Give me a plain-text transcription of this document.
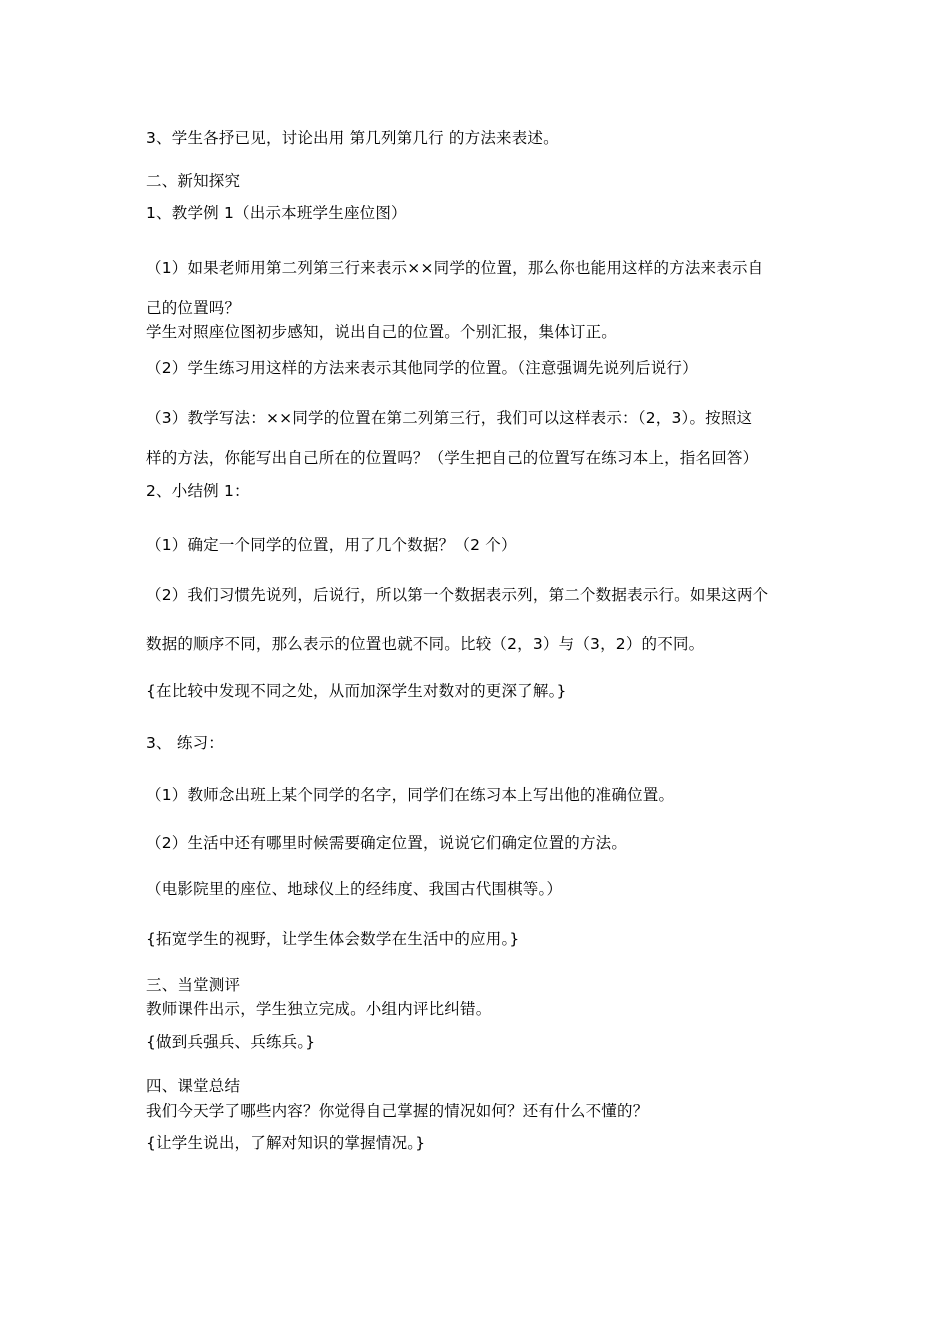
3、学生各抒已见，讨论出用 第几列第几行 的方法来表述。

二、新知探究

1、教学例 1（出示本班学生座位图）

（1）如果老师用第二列第三行来表示××同学的位置，那么你也能用这样的方法来表示自

己的位置吗？

学生对照座位图初步感知，说出自己的位置。个别汇报，集体订正。

（2）学生练习用这样的方法来表示其他同学的位置。（注意强调先说列后说行）

（3）教学写法：××同学的位置在第二列第三行，我们可以这样表示：（2，3）。按照这

样的方法，你能写出自己所在的位置吗？（学生把自己的位置写在练习本上，指名回答）

2、小结例 1：

（1）确定一个同学的位置，用了几个数据？（2 个）

（2）我们习惯先说列，后说行，所以第一个数据表示列，第二个数据表示行。如果这两个

数据的顺序不同，那么表示的位置也就不同。比较（2，3）与（3，2）的不同。

{在比较中发现不同之处，从而加深学生对数对的更深了解。}

3、 练习：

（1）教师念出班上某个同学的名字，同学们在练习本上写出他的准确位置。

（2）生活中还有哪里时候需要确定位置，说说它们确定位置的方法。

（电影院里的座位、地球仪上的经纬度、我国古代围棋等。）

{拓宽学生的视野，让学生体会数学在生活中的应用。}

三、当堂测评

教师课件出示，学生独立完成。小组内评比纠错。

{做到兵强兵、兵练兵。}

四、课堂总结

我们今天学了哪些内容？你觉得自己掌握的情况如何？还有什么不懂的？

{让学生说出，了解对知识的掌握情况。}
